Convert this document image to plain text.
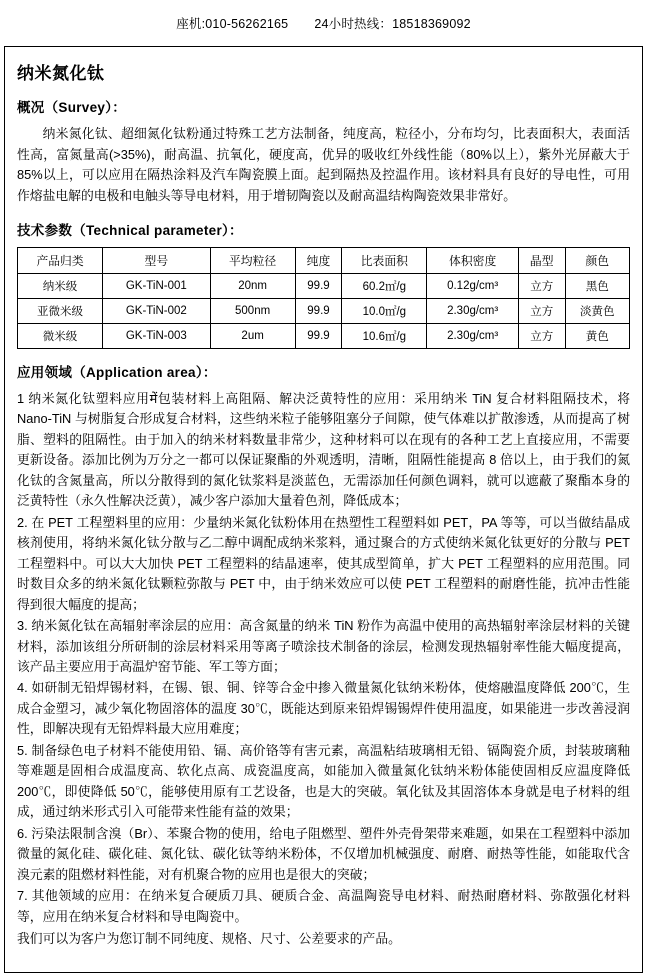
座机:010-56262165 24小时热线：18518369092
纳米氮化钛
概况（Survey）：

纳米氮化钛、超细氮化钛粉通过特殊工艺方法制备，纯度高，粒径小，分布均匀，比表面积大，表面活性高，富氮量高(>35%)，耐高温、抗氧化，硬度高，优异的吸收红外线性能（80%以上），紫外光屏蔽大于 85%以上，可以应用在隔热涂料及汽车陶瓷膜上面。起到隔热及控温作用。该材料具有良好的导电性，可用作熔盐电解的电极和电触头等导电材料，用于增韧陶瓷以及耐高温结构陶瓷效果非常好。

技术参数（Technical parameter）：
产品归类	型号	平均粒径	纯度	比表面积	体积密度	晶型	颜色
纳米级	GK-TiN-001	20nm	99.9	60.2㎡/g	0.12g/cm³	立方	黑色
亚微米级	GK-TiN-002	500nm	99.9	10.0㎡/g	2.30g/cm³	立方	淡黄色
微米级	GK-TiN-003	2um	99.9	10.6㎡/g	2.30g/cm³	立方	黄色
应用领域（Application area）：

1 纳米氮化钛塑料应用में包装材料上高阻隔、解决泛黄特性的应用：采用纳米 TiN 复合材料阻隔技术，将 Nano-TiN 与树脂复合形成复合材料，这些纳米粒子能够阻塞分子间隙，使气体难以扩散渗透，从而提高了树脂、塑料的阻隔性。由于加入的纳米材料数量非常少，这种材料可以在现有的各种工艺上直接应用，不需要更新设备。添加比例为万分之一都可以保证聚酯的外观透明，清晰，阻隔性能提高 8 倍以上，由于我们的氮化钛的含氮量高，所以分散得到的氮化钛浆料是淡蓝色，无需添加任何颜色调料，就可以遮蔽了聚酯本身的泛黄特性（永久性解决泛黄），减少客户添加大量着色剂，降低成本；

2. 在 PET 工程塑料里的应用：少量纳米氮化钛粉体用在热塑性工程塑料如 PET，PA 等等，可以当做结晶成核剂使用，将纳米氮化钛分散与乙二醇中调配成纳米浆料，通过聚合的方式使纳米氮化钛更好的分散与 PET 工程塑料中。可以大大加快 PET 工程塑料的结晶速率，使其成型简单，扩大 PET 工程塑料的应用范围。同时数目众多的纳米氮化钛颗粒弥散与 PET 中，由于纳米效应可以使 PET 工程塑料的耐磨性能，抗冲击性能得到很大幅度的提高；

3. 纳米氮化钛在高辐射率涂层的应用：高含氮量的纳米 TiN 粉作为高温中使用的高热辐射率涂层材料的关键材料，添加该组分所研制的涂层材料采用等离子喷涂技术制备的涂层，检测发现热辐射率性能大幅度提高，该产品主要应用于高温炉窑节能、军工等方面；

4. 如研制无铅焊锡材料，在锡、银、铜、锌等合金中掺入微量氮化钛纳米粉体，使熔融温度降低 200℃，生成合金塑习，减少氧化物固溶体的温度 30℃，既能达到原来铅焊锡锡焊件使用温度，如果能进一步改善浸润性，即解决现有无铅焊料最大应用难度；

5. 制备绿色电子材料不能使用铅、镉、高价铬等有害元素，高温粘结玻璃相无铅、镉陶瓷介质，封装玻璃釉等难题是固相合成温度高、软化点高、成瓷温度高，如能加入微量氮化钛纳米粉体能使固相反应温度降低 200℃，即使降低 50℃，能够使用原有工艺设备，也是大的突破。氧化钛及其固溶体本身就是电子材料的组成，通过纳米形式引入可能带来性能有益的效果；

6. 污染法限制含溴（Br）、苯聚合物的使用，给电子阻燃型、塑件外壳骨架带来难题，如果在工程塑料中添加微量的氮化硅、碳化硅、氮化钛、碳化钛等纳米粉体，不仅增加机械强度、耐磨、耐热等性能，如能取代含溴元素的阻燃材料性能，对有机聚合物的应用也是很大的突破；

7. 其他领域的应用：在纳米复合硬质刀具、硬质合金、高温陶瓷导电材料、耐热耐磨材料、弥散强化材料等，应用在纳米复合材料和导电陶瓷中。

我们可以为客户为您订制不同纯度、规格、尺寸、公差要求的产品。
